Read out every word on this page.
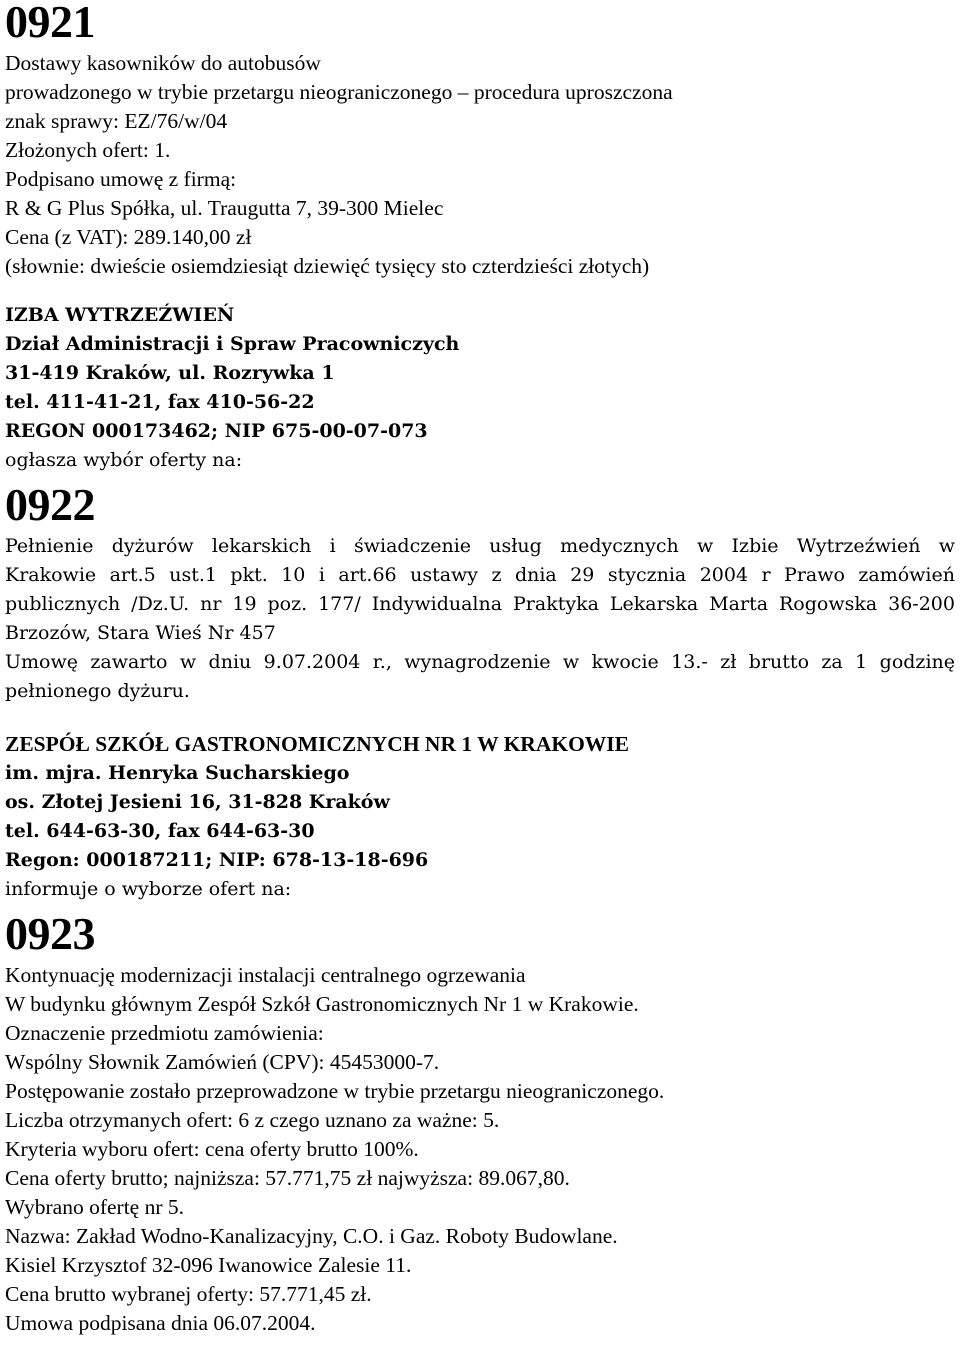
0921
Dostawy kasowników do autobusów
prowadzonego w trybie przetargu nieograniczonego – procedura uproszczona
znak sprawy: EZ/76/w/04
Złożonych ofert: 1.
Podpisano umowę z firmą:
R & G Plus Spółka, ul. Traugutta 7, 39-300 Mielec
Cena (z VAT): 289.140,00 zł
(słownie: dwieście osiemdziesiąt dziewięć tysięcy sto czterdzieści złotych)
IZBA WYTRZEŹWIEŃ
Dział Administracji i Spraw Pracowniczych
31-419 Kraków, ul. Rozrywka 1
tel. 411-41-21, fax 410-56-22
REGON 000173462; NIP 675-00-07-073
ogłasza wybór oferty na:
0922
Pełnienie dyżurów lekarskich i świadczenie usług medycznych w Izbie Wytrzeźwień w
Krakowie art.5 ust.1 pkt. 10 i art.66 ustawy z dnia 29 stycznia 2004 r Prawo zamówień
publicznych /Dz.U. nr 19 poz. 177/ Indywidualna Praktyka Lekarska Marta Rogowska 36-200
Brzozów, Stara Wieś Nr 457
Umowę zawarto w dniu 9.07.2004 r., wynagrodzenie w kwocie 13.- zł brutto za 1 godzinę
pełnionego dyżuru.
ZESPÓŁ SZKÓŁ GASTRONOMICZNYCH NR 1 W KRAKOWIE
im. mjra. Henryka Sucharskiego
os. Złotej Jesieni 16, 31-828 Kraków
tel. 644-63-30, fax 644-63-30
Regon: 000187211; NIP: 678-13-18-696
informuje o wyborze ofert na:
0923
Kontynuację modernizacji instalacji centralnego ogrzewania
W budynku głównym Zespół Szkół Gastronomicznych Nr 1 w Krakowie.
Oznaczenie przedmiotu zamówienia:
Wspólny Słownik Zamówień (CPV): 45453000-7.
Postępowanie zostało przeprowadzone w trybie przetargu nieograniczonego.
Liczba otrzymanych ofert: 6 z czego uznano za ważne: 5.
Kryteria wyboru ofert: cena oferty brutto 100%.
Cena oferty brutto; najniższa: 57.771,75 zł najwyższa: 89.067,80.
Wybrano ofertę nr 5.
Nazwa: Zakład Wodno-Kanalizacyjny, C.O. i Gaz. Roboty Budowlane.
Kisiel Krzysztof 32-096 Iwanowice Zalesie 11.
Cena brutto wybranej oferty: 57.771,45 zł.
Umowa podpisana dnia 06.07.2004.
